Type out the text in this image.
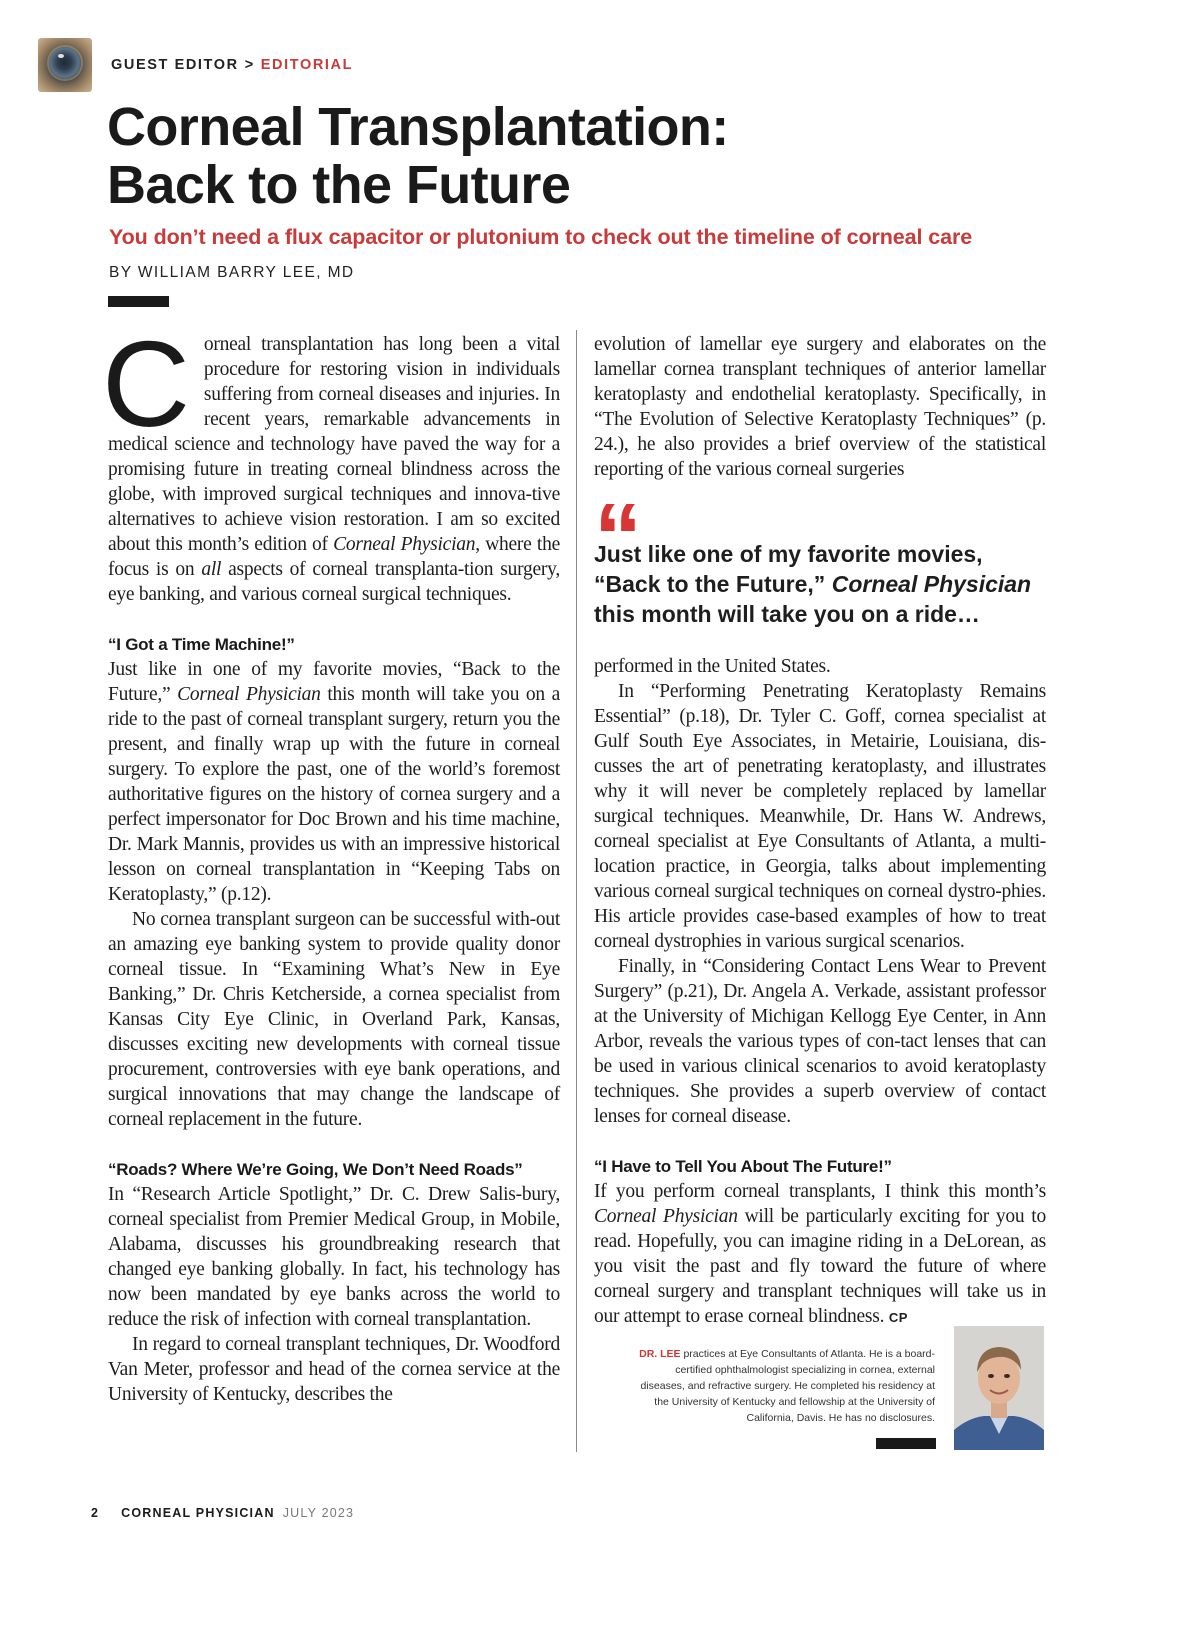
GUEST EDITOR > EDITORIAL
Corneal Transplantation:
Back to the Future
You don’t need a flux capacitor or plutonium to check out the timeline of corneal care
BY WILLIAM BARRY LEE, MD

Corneal transplantation has long been a vital procedure for restoring vision in individuals suffering from corneal diseases and injuries. In recent years, remarkable advancements in medical science and technology have paved the way for a promising future in treating corneal blindness across the globe, with improved surgical techniques and innova-tive alternatives to achieve vision restoration. I am so excited about this month’s edition of Corneal Physician, where the focus is on all aspects of corneal transplanta-tion surgery, eye banking, and various corneal surgical techniques.

“I Got a Time Machine!”

Just like in one of my favorite movies, “Back to the Future,” Corneal Physician this month will take you on a ride to the past of corneal transplant surgery, return you the present, and finally wrap up with the future in corneal surgery. To explore the past, one of the world’s foremost authoritative figures on the history of cornea surgery and a perfect impersonator for Doc Brown and his time machine, Dr. Mark Mannis, provides us with an impressive historical lesson on corneal transplantation in “Keeping Tabs on Keratoplasty,” (p.12).

No cornea transplant surgeon can be successful with-out an amazing eye banking system to provide quality donor corneal tissue. In “Examining What’s New in Eye Banking,” Dr. Chris Ketcherside, a cornea specialist from Kansas City Eye Clinic, in Overland Park, Kansas, discusses exciting new developments with corneal tissue procurement, controversies with eye bank operations, and surgical innovations that may change the landscape of corneal replacement in the future.

“Roads? Where We’re Going, We Don’t Need Roads”

In “Research Article Spotlight,” Dr. C. Drew Salis-bury, corneal specialist from Premier Medical Group, in Mobile, Alabama, discusses his groundbreaking research that changed eye banking globally. In fact, his technology has now been mandated by eye banks across the world to reduce the risk of infection with corneal transplantation.

In regard to corneal transplant techniques, Dr. Woodford Van Meter, professor and head of the cornea service at the University of Kentucky, describes the

evolution of lamellar eye surgery and elaborates on the lamellar cornea transplant techniques of anterior lamellar keratoplasty and endothelial keratoplasty. Specifically, in “The Evolution of Selective Keratoplasty Techniques” (p. 24.), he also provides a brief overview of the statistical reporting of the various corneal surgeries

“
Just like one of my favorite movies, “Back to the Future,” Corneal Physician this month will take you on a ride…

performed in the United States.

In “Performing Penetrating Keratoplasty Remains Essential” (p.18), Dr. Tyler C. Goff, cornea specialist at Gulf South Eye Associates, in Metairie, Louisiana, dis-cusses the art of penetrating keratoplasty, and illustrates why it will never be completely replaced by lamellar surgical techniques. Meanwhile, Dr. Hans W. Andrews, corneal specialist at Eye Consultants of Atlanta, a multi-location practice, in Georgia, talks about implementing various corneal surgical techniques on corneal dystro-phies. His article provides case-based examples of how to treat corneal dystrophies in various surgical scenarios.

Finally, in “Considering Contact Lens Wear to Prevent Surgery” (p.21), Dr. Angela A. Verkade, assistant professor at the University of Michigan Kellogg Eye Center, in Ann Arbor, reveals the various types of con-tact lenses that can be used in various clinical scenarios to avoid keratoplasty techniques. She provides a superb overview of contact lenses for corneal disease.

“I Have to Tell You About The Future!”

If you perform corneal transplants, I think this month’s Corneal Physician will be particularly exciting for you to read. Hopefully, you can imagine riding in a DeLorean, as you visit the past and fly toward the future of where corneal surgery and transplant techniques will take us in our attempt to erase corneal blindness. CP

DR. LEE practices at Eye Consultants of Atlanta. He is a board-certified ophthalmologist specializing in cornea, external diseases, and refractive surgery. He completed his residency at the University of Kentucky and fellowship at the University of California, Davis. He has no disclosures.
2 CORNEAL PHYSICIAN JULY 2023
